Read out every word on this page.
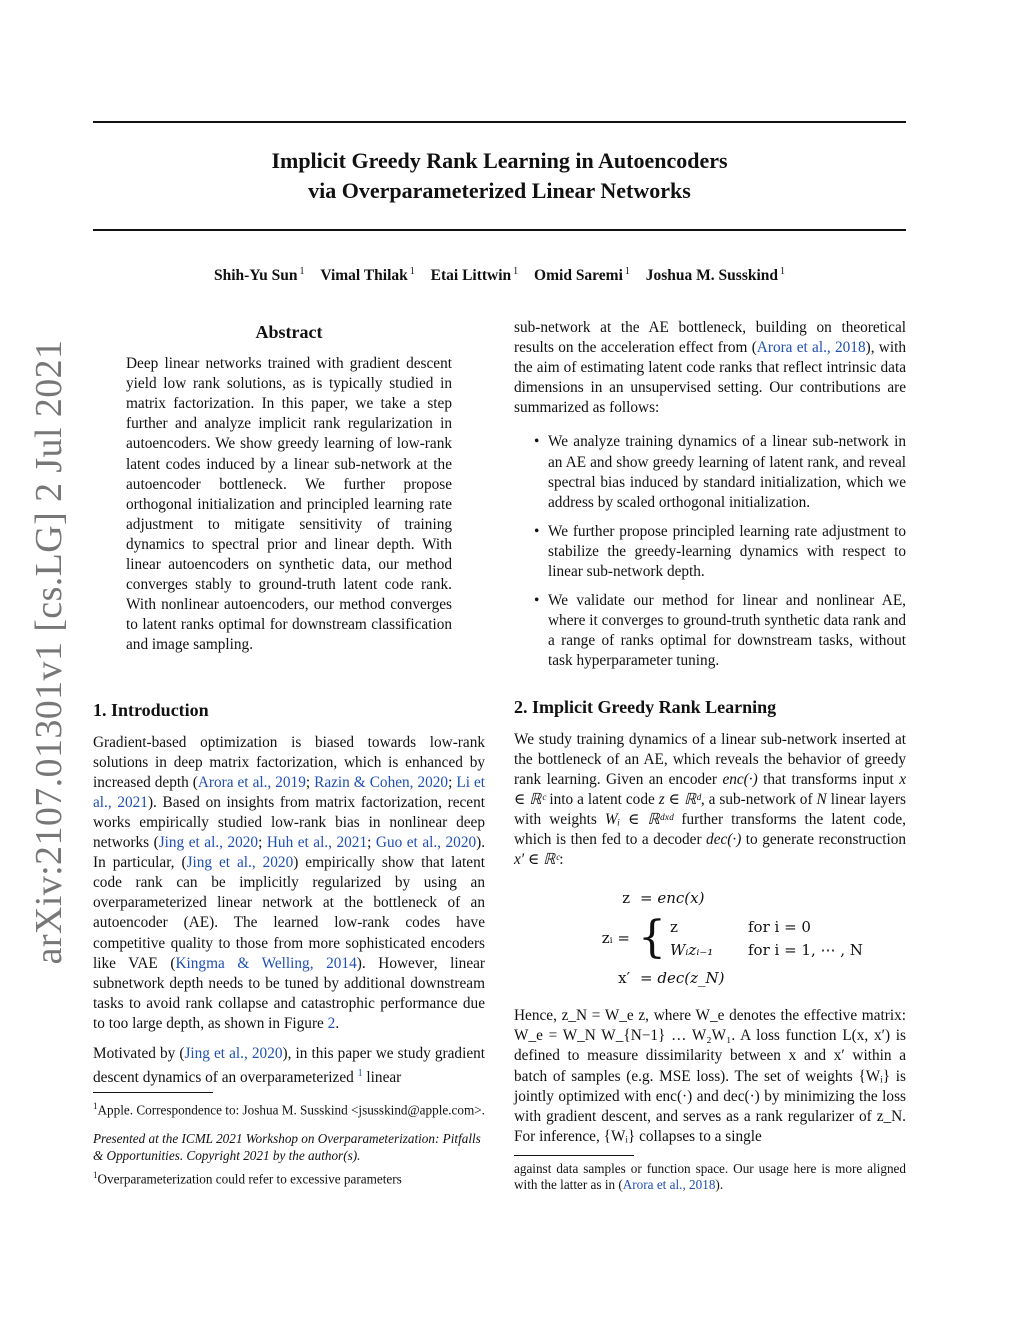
arXiv:2107.01301v1 [cs.LG] 2 Jul 2021
Implicit Greedy Rank Learning in Autoencoders
via Overparameterized Linear Networks
Shih-Yu Sun $^1$ Vimal Thilak $^1$ Etai Littwin $^1$ Omid Saremi $^1$ Joshua M. Susskind $^1$
Abstract

Deep linear networks trained with gradient descent yield low rank solutions, as is typically studied in matrix factorization. In this paper, we take a step further and analyze implicit rank regularization in autoencoders. We show greedy learning of low-rank latent codes induced by a linear sub-network at the autoencoder bottleneck. We further propose orthogonal initialization and principled learning rate adjustment to mitigate sensitivity of training dynamics to spectral prior and linear depth. With linear autoencoders on synthetic data, our method converges stably to ground-truth latent code rank. With nonlinear autoencoders, our method converges to latent ranks optimal for downstream classification and image sampling.

1. Introduction

Gradient-based optimization is biased towards low-rank solutions in deep matrix factorization, which is enhanced by increased depth (Arora et al., 2019; Razin & Cohen, 2020; Li et al., 2021). Based on insights from matrix factorization, recent works empirically studied low-rank bias in nonlinear deep networks (Jing et al., 2020; Huh et al., 2021; Guo et al., 2020). In particular, (Jing et al., 2020) empirically show that latent code rank can be implicitly regularized by using an overparameterized linear network at the bottleneck of an autoencoder (AE). The learned low-rank codes have competitive quality to those from more sophisticated encoders like VAE (Kingma & Welling, 2014). However, linear subnetwork depth needs to be tuned by additional downstream tasks to avoid rank collapse and catastrophic performance due to too large depth, as shown in Figure 2.

Motivated by (Jing et al., 2020), in this paper we study gradient descent dynamics of an overparameterized $^1$ linear

$^1$Apple. Correspondence to: Joshua M. Susskind <jsusskind@apple.com>.

Presented at the ICML 2021 Workshop on Overparameterization: Pitfalls & Opportunities. Copyright 2021 by the author(s).

$^1$Overparameterization could refer to excessive parameters

sub-network at the AE bottleneck, building on theoretical results on the acceleration effect from (Arora et al., 2018), with the aim of estimating latent code ranks that reflect intrinsic data dimensions in an unsupervised setting. Our contributions are summarized as follows:

• We analyze training dynamics of a linear sub-network in an AE and show greedy learning of latent rank, and reveal spectral bias induced by standard initialization, which we address by scaled orthogonal initialization.
• We further propose principled learning rate adjustment to stabilize the greedy-learning dynamics with respect to linear sub-network depth.
• We validate our method for linear and nonlinear AE, where it converges to ground-truth synthetic data rank and a range of ranks optimal for downstream tasks, without task hyperparameter tuning.
2. Implicit Greedy Rank Learning

We study training dynamics of a linear sub-network inserted at the bottleneck of an AE, which reveals the behavior of greedy rank learning. Given an encoder enc(·) that transforms input x ∈ ℝᶜ into a latent code z ∈ ℝᵈ, a sub-network of N linear layers with weights Wᵢ ∈ ℝᵈˣᵈ further transforms the latent code, which is then fed to a decoder dec(·) to generate reconstruction x′ ∈ ℝᶜ:

z = enc(x)
zᵢ = { z	for i = 0
Wᵢzᵢ₋₁	for i = 1, ⋯ , N
x′ = dec(z_N)

Hence, z_N = W_e z, where W_e denotes the effective matrix: W_e = W_N W_{N−1} … W₂W₁. A loss function L(x, x′) is defined to measure dissimilarity between x and x′ within a batch of samples (e.g. MSE loss). The set of weights {Wᵢ} is jointly optimized with enc(·) and dec(·) by minimizing the loss with gradient descent, and serves as a rank regularizer of z_N. For inference, {Wᵢ} collapses to a single

against data samples or function space. Our usage here is more aligned with the latter as in (Arora et al., 2018).
